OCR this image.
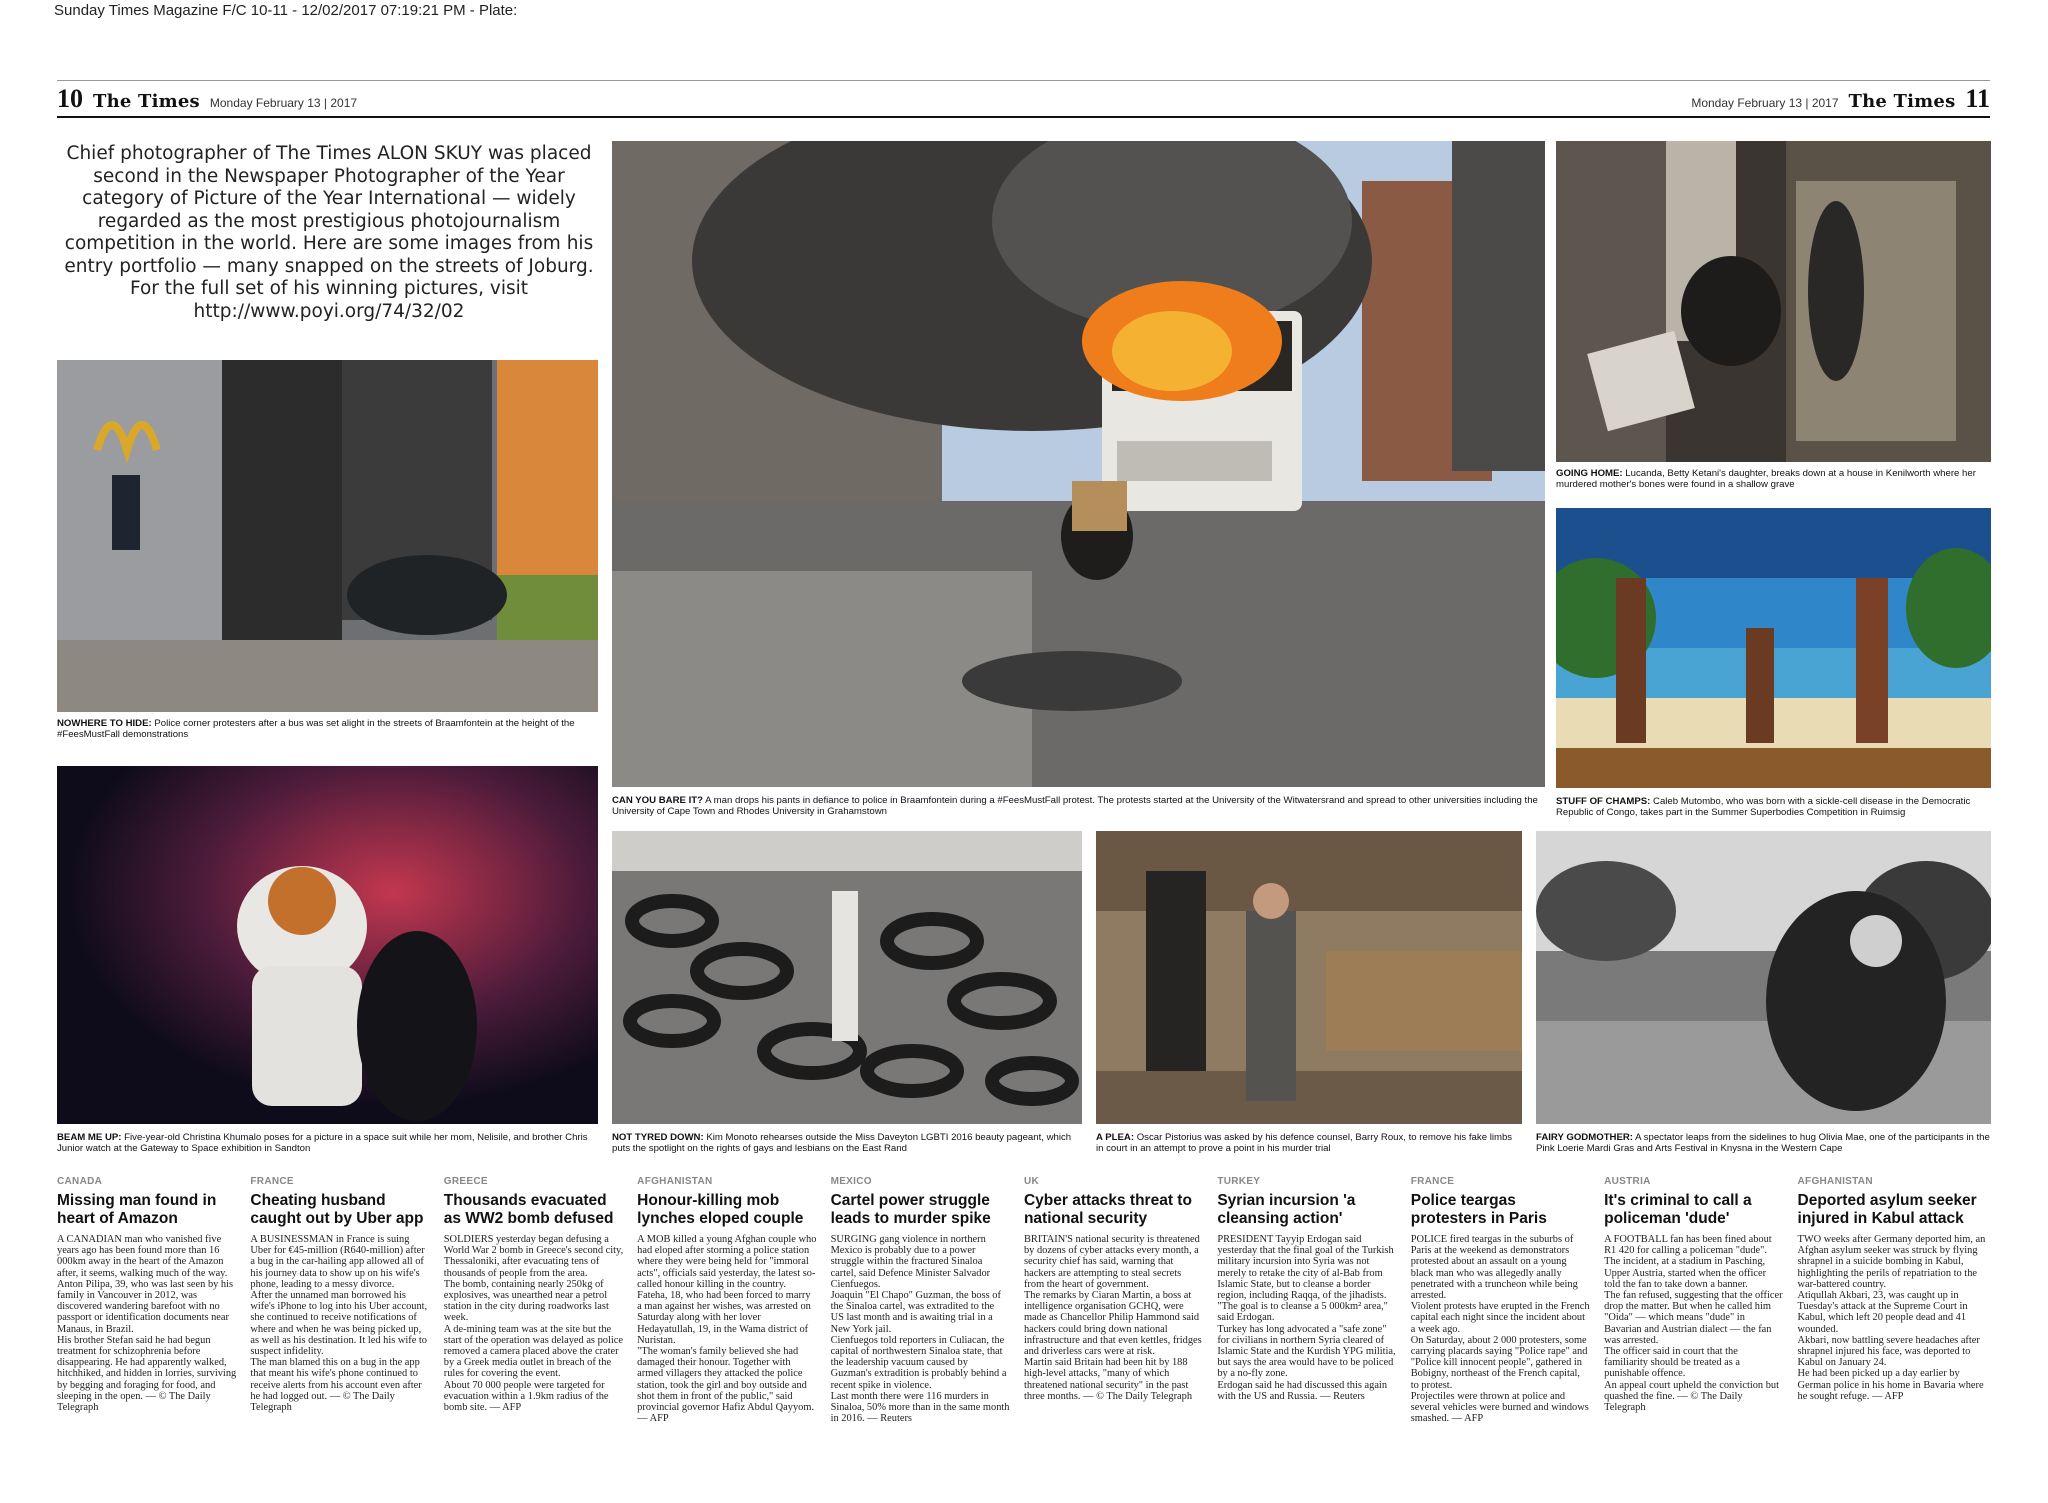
Sunday Times Magazine F/C 10-11 - 12/02/2017 07:19:21 PM - Plate:
10 The Times Monday February 13 | 2017	Monday February 13 | 2017 The Times 11
Chief photographer of The Times ALON SKUY was placed second in the Newspaper Photographer of the Year category of Picture of the Year International — widely regarded as the most prestigious photojournalism competition in the world. Here are some images from his entry portfolio — many snapped on the streets of Joburg. For the full set of his winning pictures, visit http://www.poyi.org/74/32/02
NOWHERE TO HIDE: Police corner protesters after a bus was set alight in the streets of Braamfontein at the height of the #FeesMustFall demonstrations
BEAM ME UP: Five-year-old Christina Khumalo poses for a picture in a space suit while her mom, Nelisile, and brother Chris Junior watch at the Gateway to Space exhibition in Sandton
CAN YOU BARE IT? A man drops his pants in defiance to police in Braamfontein during a #FeesMustFall protest. The protests started at the University of the Witwatersrand and spread to other universities including the University of Cape Town and Rhodes University in Grahamstown
GOING HOME: Lucanda, Betty Ketani's daughter, breaks down at a house in Kenilworth where her murdered mother's bones were found in a shallow grave
STUFF OF CHAMPS: Caleb Mutombo, who was born with a sickle-cell disease in the Democratic Republic of Congo, takes part in the Summer Superbodies Competition in Ruimsig
NOT TYRED DOWN: Kim Monoto rehearses outside the Miss Daveyton LGBTI 2016 beauty pageant, which puts the spotlight on the rights of gays and lesbians on the East Rand
A PLEA: Oscar Pistorius was asked by his defence counsel, Barry Roux, to remove his fake limbs in court in an attempt to prove a point in his murder trial
FAIRY GODMOTHER: A spectator leaps from the sidelines to hug Olivia Mae, one of the participants in the Pink Loerie Mardi Gras and Arts Festival in Knysna in the Western Cape
CANADA
Missing man found in heart of Amazon
A CANADIAN man who vanished five years ago has been found more than 16 000km away in the heart of the Amazon after, it seems, walking much of the way.
Anton Pilipa, 39, who was last seen by his family in Vancouver in 2012, was discovered wandering barefoot with no passport or identification documents near Manaus, in Brazil.
His brother Stefan said he had begun treatment for schizophrenia before disappearing. He had apparently walked, hitchhiked, and hidden in lorries, surviving by begging and foraging for food, and sleeping in the open. — © The Daily Telegraph
FRANCE
Cheating husband caught out by Uber app
A BUSINESSMAN in France is suing Uber for €45-million (R640-million) after a bug in the car-hailing app allowed all of his journey data to show up on his wife's phone, leading to a messy divorce.
After the unnamed man borrowed his wife's iPhone to log into his Uber account, she continued to receive notifications of where and when he was being picked up, as well as his destination. It led his wife to suspect infidelity.
The man blamed this on a bug in the app that meant his wife's phone continued to receive alerts from his account even after he had logged out. — © The Daily Telegraph
GREECE
Thousands evacuated as WW2 bomb defused
SOLDIERS yesterday began defusing a World War 2 bomb in Greece's second city, Thessaloniki, after evacuating tens of thousands of people from the area.
The bomb, containing nearly 250kg of explosives, was unearthed near a petrol station in the city during roadworks last week.
A de-mining team was at the site but the start of the operation was delayed as police removed a camera placed above the crater by a Greek media outlet in breach of the rules for covering the event.
About 70 000 people were targeted for evacuation within a 1.9km radius of the bomb site. — AFP
AFGHANISTAN
Honour-killing mob lynches eloped couple
A MOB killed a young Afghan couple who had eloped after storming a police station where they were being held for "immoral acts", officials said yesterday, the latest so-called honour killing in the country.
Fateha, 18, who had been forced to marry a man against her wishes, was arrested on Saturday along with her lover Hedayatullah, 19, in the Wama district of Nuristan.
"The woman's family believed she had damaged their honour. Together with armed villagers they attacked the police station, took the girl and boy outside and shot them in front of the public," said provincial governor Hafiz Abdul Qayyom. — AFP
MEXICO
Cartel power struggle leads to murder spike
SURGING gang violence in northern Mexico is probably due to a power struggle within the fractured Sinaloa cartel, said Defence Minister Salvador Cienfuegos.
Joaquin "El Chapo" Guzman, the boss of the Sinaloa cartel, was extradited to the US last month and is awaiting trial in a New York jail.
Cienfuegos told reporters in Culiacan, the capital of northwestern Sinaloa state, that the leadership vacuum caused by Guzman's extradition is probably behind a recent spike in violence.
Last month there were 116 murders in Sinaloa, 50% more than in the same month in 2016. — Reuters
UK
Cyber attacks threat to national security
BRITAIN'S national security is threatened by dozens of cyber attacks every month, a security chief has said, warning that hackers are attempting to steal secrets from the heart of government.
The remarks by Ciaran Martin, a boss at intelligence organisation GCHQ, were made as Chancellor Philip Hammond said hackers could bring down national infrastructure and that even kettles, fridges and driverless cars were at risk.
Martin said Britain had been hit by 188 high-level attacks, "many of which threatened national security" in the past three months. — © The Daily Telegraph
TURKEY
Syrian incursion 'a cleansing action'
PRESIDENT Tayyip Erdogan said yesterday that the final goal of the Turkish military incursion into Syria was not merely to retake the city of al-Bab from Islamic State, but to cleanse a border region, including Raqqa, of the jihadists.
"The goal is to cleanse a 5 000km² area," said Erdogan.
Turkey has long advocated a "safe zone" for civilians in northern Syria cleared of Islamic State and the Kurdish YPG militia, but says the area would have to be policed by a no-fly zone.
Erdogan said he had discussed this again with the US and Russia. — Reuters
FRANCE
Police teargas protesters in Paris
POLICE fired teargas in the suburbs of Paris at the weekend as demonstrators protested about an assault on a young black man who was allegedly anally penetrated with a truncheon while being arrested.
Violent protests have erupted in the French capital each night since the incident about a week ago.
On Saturday, about 2 000 protesters, some carrying placards saying "Police rape" and "Police kill innocent people", gathered in Bobigny, northeast of the French capital, to protest.
Projectiles were thrown at police and several vehicles were burned and windows smashed. — AFP
AUSTRIA
It's criminal to call a policeman 'dude'
A FOOTBALL fan has been fined about R1 420 for calling a policeman "dude".
The incident, at a stadium in Pasching, Upper Austria, started when the officer told the fan to take down a banner.
The fan refused, suggesting that the officer drop the matter. But when he called him "Oida" — which means "dude" in Bavarian and Austrian dialect — the fan was arrested.
The officer said in court that the familiarity should be treated as a punishable offence.
An appeal court upheld the conviction but quashed the fine. — © The Daily Telegraph
AFGHANISTAN
Deported asylum seeker injured in Kabul attack
TWO weeks after Germany deported him, an Afghan asylum seeker was struck by flying shrapnel in a suicide bombing in Kabul, highlighting the perils of repatriation to the war-battered country.
Atiqullah Akbari, 23, was caught up in Tuesday's attack at the Supreme Court in Kabul, which left 20 people dead and 41 wounded.
Akbari, now battling severe headaches after shrapnel injured his face, was deported to Kabul on January 24.
He had been picked up a day earlier by German police in his home in Bavaria where he sought refuge. — AFP
